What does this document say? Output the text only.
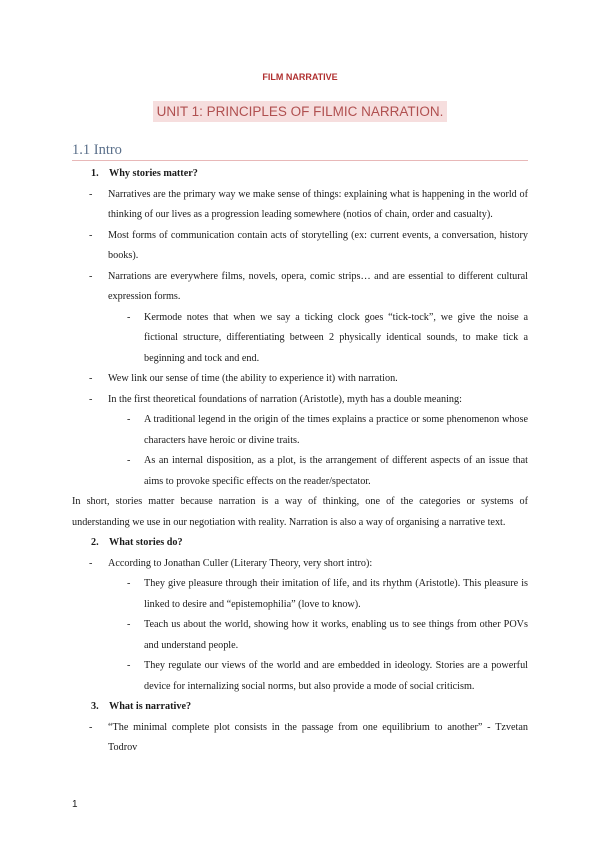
FILM NARRATIVE
UNIT 1: PRINCIPLES OF FILMIC NARRATION.
1.1 Intro
1. Why stories matter?
- Narratives are the primary way we make sense of things: explaining what is happening in the world of thinking of our lives as a progression leading somewhere (notios of chain, order and casualty).
- Most forms of communication contain acts of storytelling (ex: current events, a conversation, history books).
- Narrations are everywhere films, novels, opera, comic strips… and are essential to different cultural expression forms.
- Kermode notes that when we say a ticking clock goes “tick-tock”, we give the noise a fictional structure, differentiating between 2 physically identical sounds, to make tick a beginning and tock and end.
- Wew link our sense of time (the ability to experience it) with narration.
- In the first theoretical foundations of narration (Aristotle), myth has a double meaning:
- A traditional legend in the origin of the times explains a practice or some phenomenon whose characters have heroic or divine traits.
- As an internal disposition, as a plot, is the arrangement of different aspects of an issue that aims to provoke specific effects on the reader/spectator.
In short, stories matter because narration is a way of thinking, one of the categories or systems of understanding we use in our negotiation with reality. Narration is also a way of organising a narrative text.
2. What stories do?
- According to Jonathan Culler (Literary Theory, very short intro):
- They give pleasure through their imitation of life, and its rhythm (Aristotle). This pleasure is linked to desire and “epistemophilia” (love to know).
- Teach us about the world, showing how it works, enabling us to see things from other POVs and understand people.
- They regulate our views of the world and are embedded in ideology. Stories are a powerful device for internalizing social norms, but also provide a mode of social criticism.
3. What is narrative?
- “The minimal complete plot consists in the passage from one equilibrium to another” - Tzvetan Todrov
1
